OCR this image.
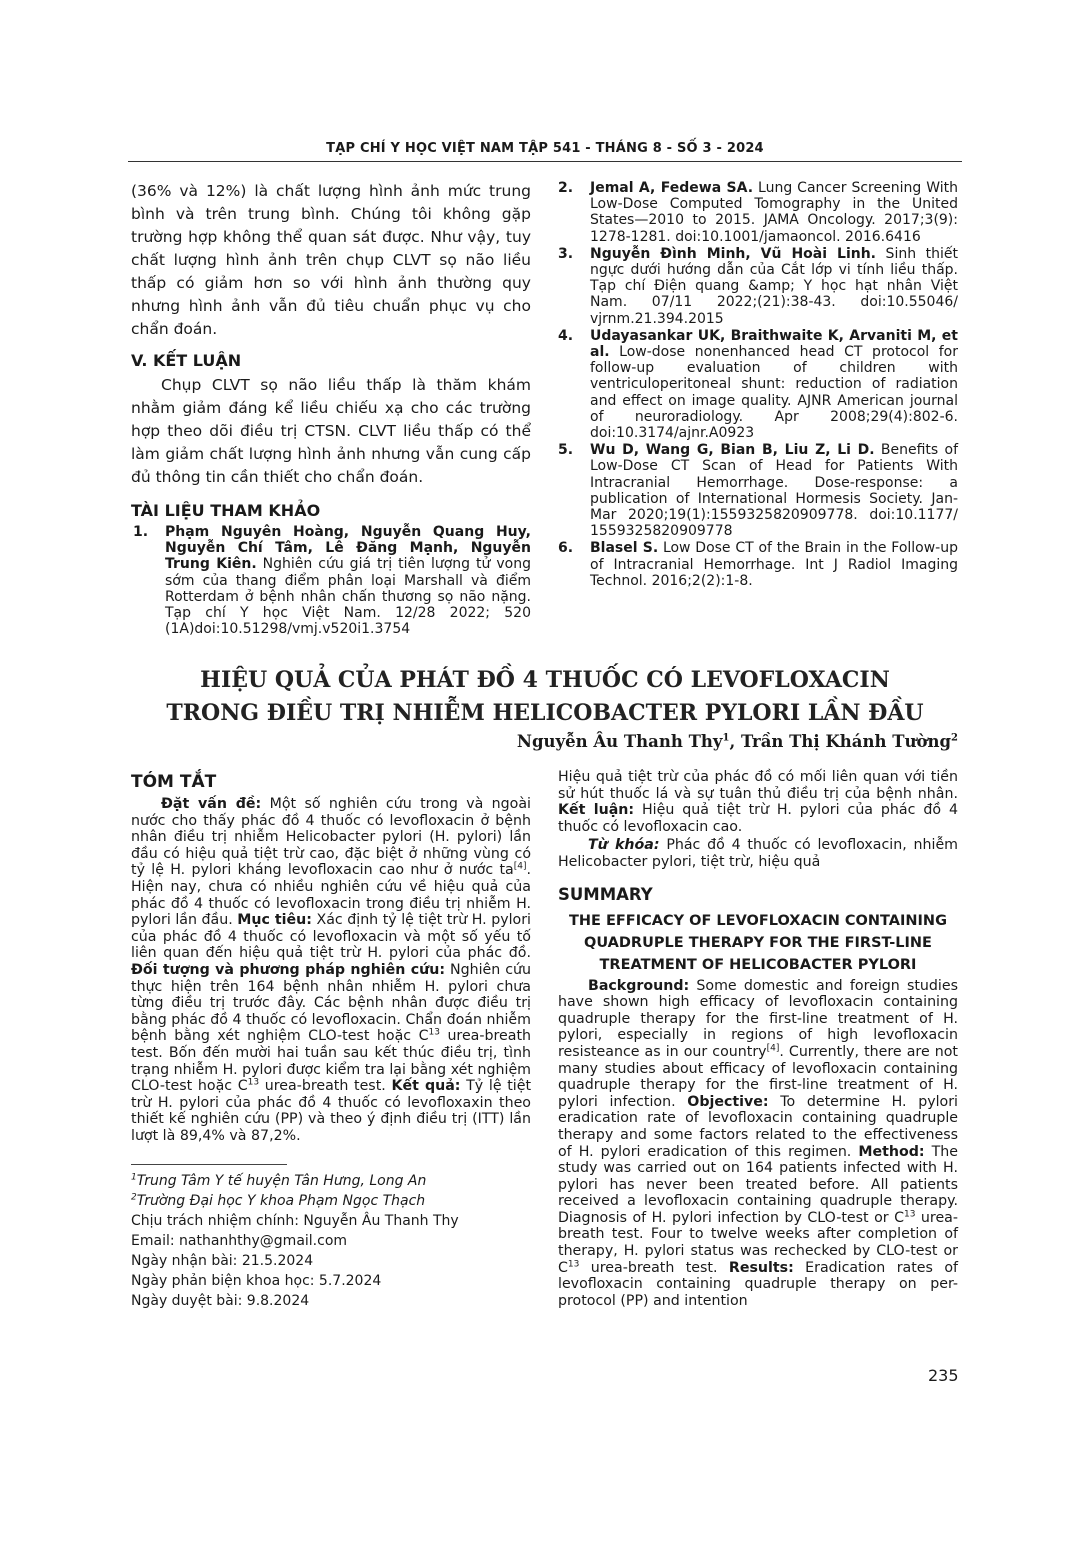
TẠP CHÍ Y HỌC VIỆT NAM TẬP 541 - THÁNG 8 - SỐ 3 - 2024

(36% và 12%) là chất lượng hình ảnh mức trung bình và trên trung bình. Chúng tôi không gặp trường hợp không thể quan sát được. Như vậy, tuy chất lượng hình ảnh trên chụp CLVT sọ não liều thấp có giảm hơn so với hình ảnh thường quy nhưng hình ảnh vẫn đủ tiêu chuẩn phục vụ cho chẩn đoán.

V. KẾT LUẬN

Chụp CLVT sọ não liều thấp là thăm khám nhằm giảm đáng kể liều chiếu xạ cho các trường hợp theo dõi điều trị CTSN. CLVT liều thấp có thể làm giảm chất lượng hình ảnh nhưng vẫn cung cấp đủ thông tin cần thiết cho chẩn đoán.

TÀI LIỆU THAM KHẢO
1. Phạm Nguyên Hoàng, Nguyễn Quang Huy, Nguyễn Chí Tâm, Lê Đăng Mạnh, Nguyễn Trung Kiên. Nghiên cứu giá trị tiên lượng tử vong sớm của thang điểm phân loại Marshall và điểm Rotterdam ở bệnh nhân chấn thương sọ não nặng. Tạp chí Y học Việt Nam. 12/28 2022; 520 (1A)doi:10.51298/vmj.v520i1.3754
2. Jemal A, Fedewa SA. Lung Cancer Screening With Low-Dose Computed Tomography in the United States—2010 to 2015. JAMA Oncology. 2017;3(9): 1278-1281. doi:10.1001/jamaoncol. 2016.6416
3. Nguyễn Đình Minh, Vũ Hoài Linh. Sinh thiết ngực dưới hướng dẫn của Cắt lớp vi tính liều thấp. Tạp chí Điện quang &amp; Y học hạt nhân Việt Nam. 07/11 2022;(21):38-43. doi:10.55046/ vjrnm.21.394.2015
4. Udayasankar UK, Braithwaite K, Arvaniti M, et al. Low-dose nonenhanced head CT protocol for follow-up evaluation of children with ventriculoperitoneal shunt: reduction of radiation and effect on image quality. AJNR American journal of neuroradiology. Apr 2008;29(4):802-6. doi:10.3174/ajnr.A0923
5. Wu D, Wang G, Bian B, Liu Z, Li D. Benefits of Low-Dose CT Scan of Head for Patients With Intracranial Hemorrhage. Dose-response: a publication of International Hormesis Society. Jan-Mar 2020;19(1):1559325820909778. doi:10.1177/ 1559325820909778
6. Blasel S. Low Dose CT of the Brain in the Follow-up of Intracranial Hemorrhage. Int J Radiol Imaging Technol. 2016;2(2):1-8.
HIỆU QUẢ CỦA PHÁT ĐỒ 4 THUỐC CÓ LEVOFLOXACIN
TRONG ĐIỀU TRỊ NHIỄM HELICOBACTER PYLORI LẦN ĐẦU
Nguyễn Âu Thanh Thy$^1$, Trần Thị Khánh Tường$^2$
TÓM TẮT

Đặt vấn đề: Một số nghiên cứu trong và ngoài nước cho thấy phác đồ 4 thuốc có levofloxacin ở bệnh nhân điều trị nhiễm Helicobacter pylori (H. pylori) lần đầu có hiệu quả tiệt trừ cao, đặc biệt ở những vùng có tỷ lệ H. pylori kháng levofloxacin cao như ở nước ta[4]. Hiện nay, chưa có nhiều nghiên cứu về hiệu quả của phác đồ 4 thuốc có levofloxacin trong điều trị nhiễm H. pylori lần đầu. Mục tiêu: Xác định tỷ lệ tiệt trừ H. pylori của phác đồ 4 thuốc có levofloxacin và một số yếu tố liên quan đến hiệu quả tiệt trừ H. pylori của phác đồ. Đối tượng và phương pháp nghiên cứu: Nghiên cứu thực hiện trên 164 bệnh nhân nhiễm H. pylori chưa từng điều trị trước đây. Các bệnh nhân được điều trị bằng phác đồ 4 thuốc có levofloxacin. Chẩn đoán nhiễm bệnh bằng xét nghiệm CLO-test hoặc $C^{13}$ urea-breath test. Bốn đến mười hai tuần sau kết thúc điều trị, tình trạng nhiễm H. pylori được kiểm tra lại bằng xét nghiệm CLO-test hoặc $C^{13}$ urea-breath test. Kết quả: Tỷ lệ tiệt trừ H. pylori của phác đồ 4 thuốc có levofloxaxin theo thiết kế nghiên cứu (PP) và theo ý định điều trị (ITT) lần lượt là 89,4% và 87,2%.

$^1$Trung Tâm Y tế huyện Tân Hưng, Long An
$^2$Trường Đại học Y khoa Phạm Ngọc Thạch
Chịu trách nhiệm chính: Nguyễn Âu Thanh Thy
Email: nathanhthy@gmail.com
Ngày nhận bài: 21.5.2024
Ngày phản biện khoa học: 5.7.2024
Ngày duyệt bài: 9.8.2024

Hiệu quả tiệt trừ của phác đồ có mối liên quan với tiền sử hút thuốc lá và sự tuân thủ điều trị của bệnh nhân. Kết luận: Hiệu quả tiệt trừ H. pylori của phác đồ 4 thuốc có levofloxacin cao.

Từ khóa: Phác đồ 4 thuốc có levofloxacin, nhiễm Helicobacter pylori, tiệt trừ, hiệu quả

SUMMARY
THE EFFICACY OF LEVOFLOXACIN CONTAINING
QUADRUPLE THERAPY FOR THE FIRST-LINE
TREATMENT OF HELICOBACTER PYLORI

Background: Some domestic and foreign studies have shown high efficacy of levofloxacin containing quadruple therapy for the first-line treatment of H. pylori, especially in regions of high levofloxacin resisteance as in our country[4]. Currently, there are not many studies about efficacy of levofloxacin containing quadruple therapy for the first-line treatment of H. pylori infection. Objective: To determine H. pylori eradication rate of levofloxacin containing quadruple therapy and some factors related to the effectiveness of H. pylori eradication of this regimen. Method: The study was carried out on 164 patients infected with H. pylori has never been treated before. All patients received a levofloxacin containing quadruple therapy. Diagnosis of H. pylori infection by CLO-test or $C^{13}$ urea-breath test. Four to twelve weeks after completion of therapy, H. pylori status was rechecked by CLO-test or $C^{13}$ urea-breath test. Results: Eradication rates of levofloxacin containing quadruple therapy on per-protocol (PP) and intention

235
